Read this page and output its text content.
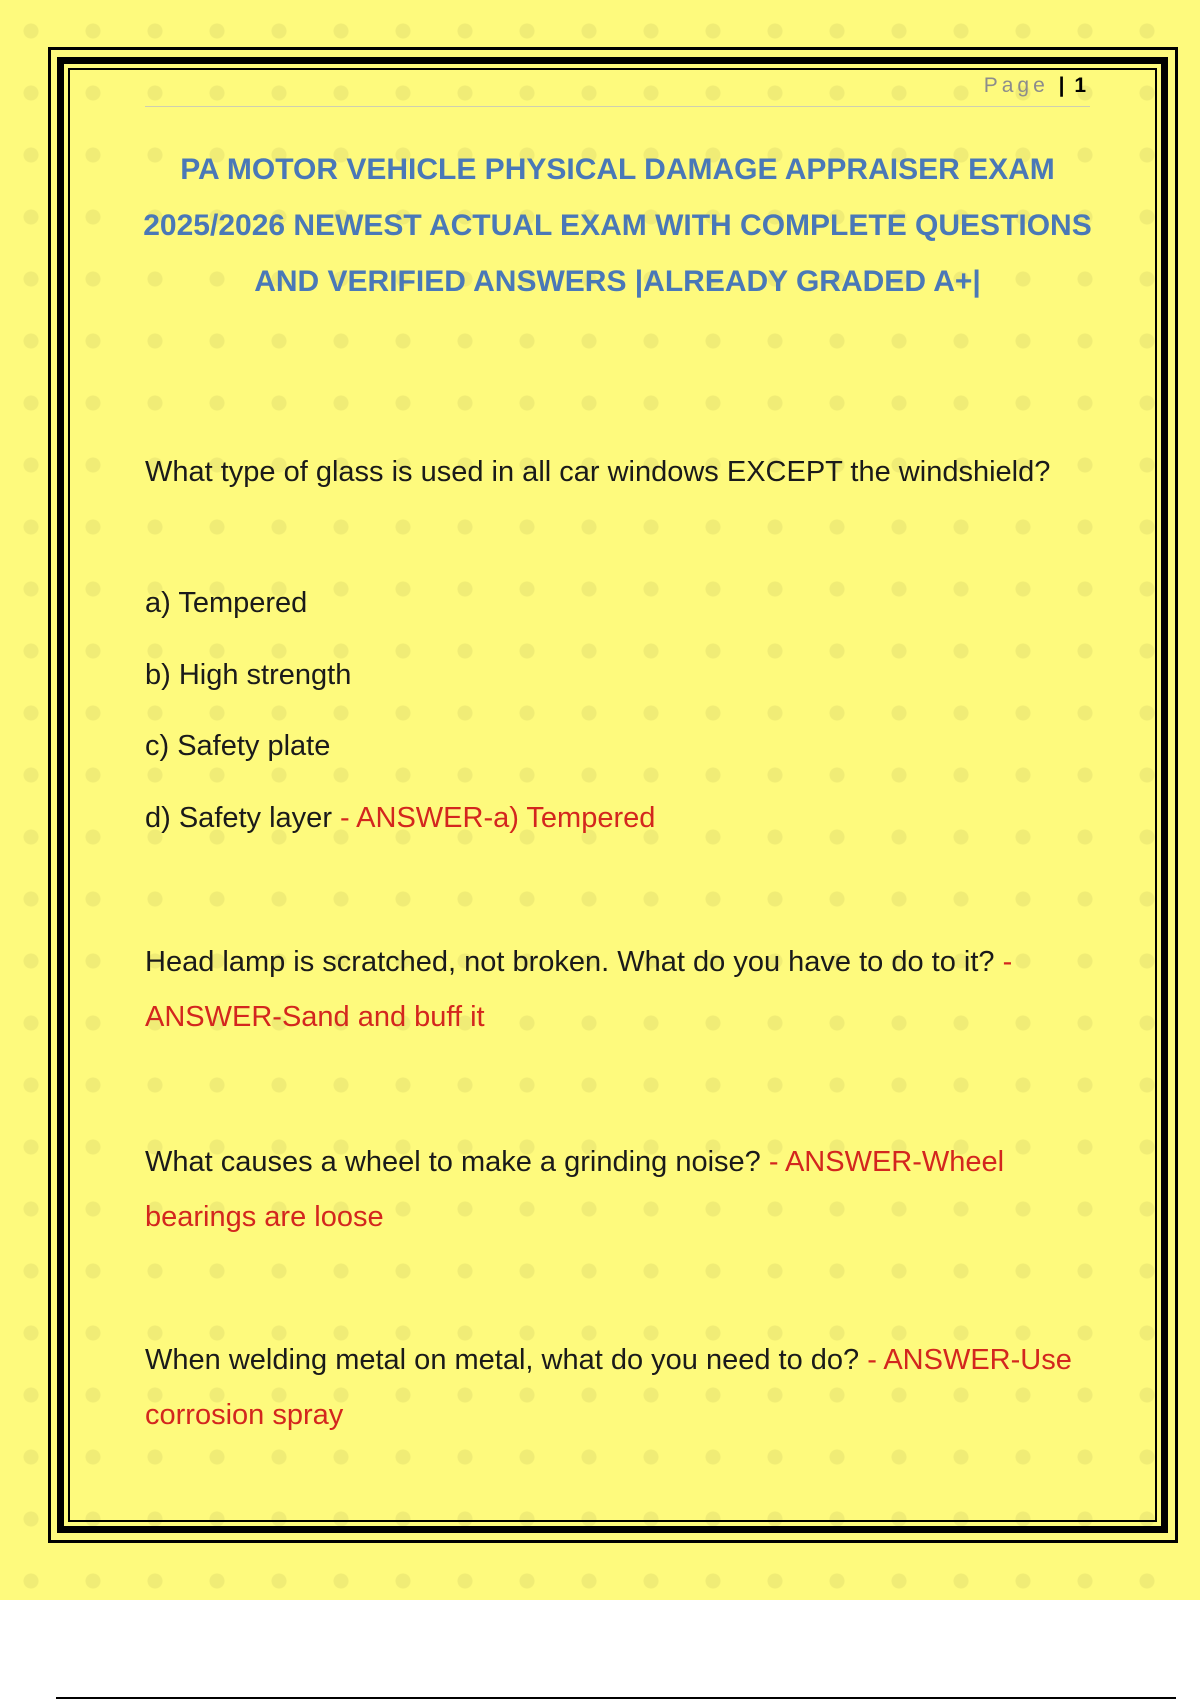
Page | 1
PA MOTOR VEHICLE PHYSICAL DAMAGE APPRAISER EXAM 2025/2026 NEWEST ACTUAL EXAM WITH COMPLETE QUESTIONS AND VERIFIED ANSWERS |ALREADY GRADED A+|

What type of glass is used in all car windows EXCEPT the windshield?

a) Tempered
b) High strength
c) Safety plate
d) Safety layer - ANSWER-a) Tempered

Head lamp is scratched, not broken. What do you have to do to it? - ANSWER-Sand and buff it

What causes a wheel to make a grinding noise? - ANSWER-Wheel bearings are loose

When welding metal on metal, what do you need to do? - ANSWER-Use corrosion spray
